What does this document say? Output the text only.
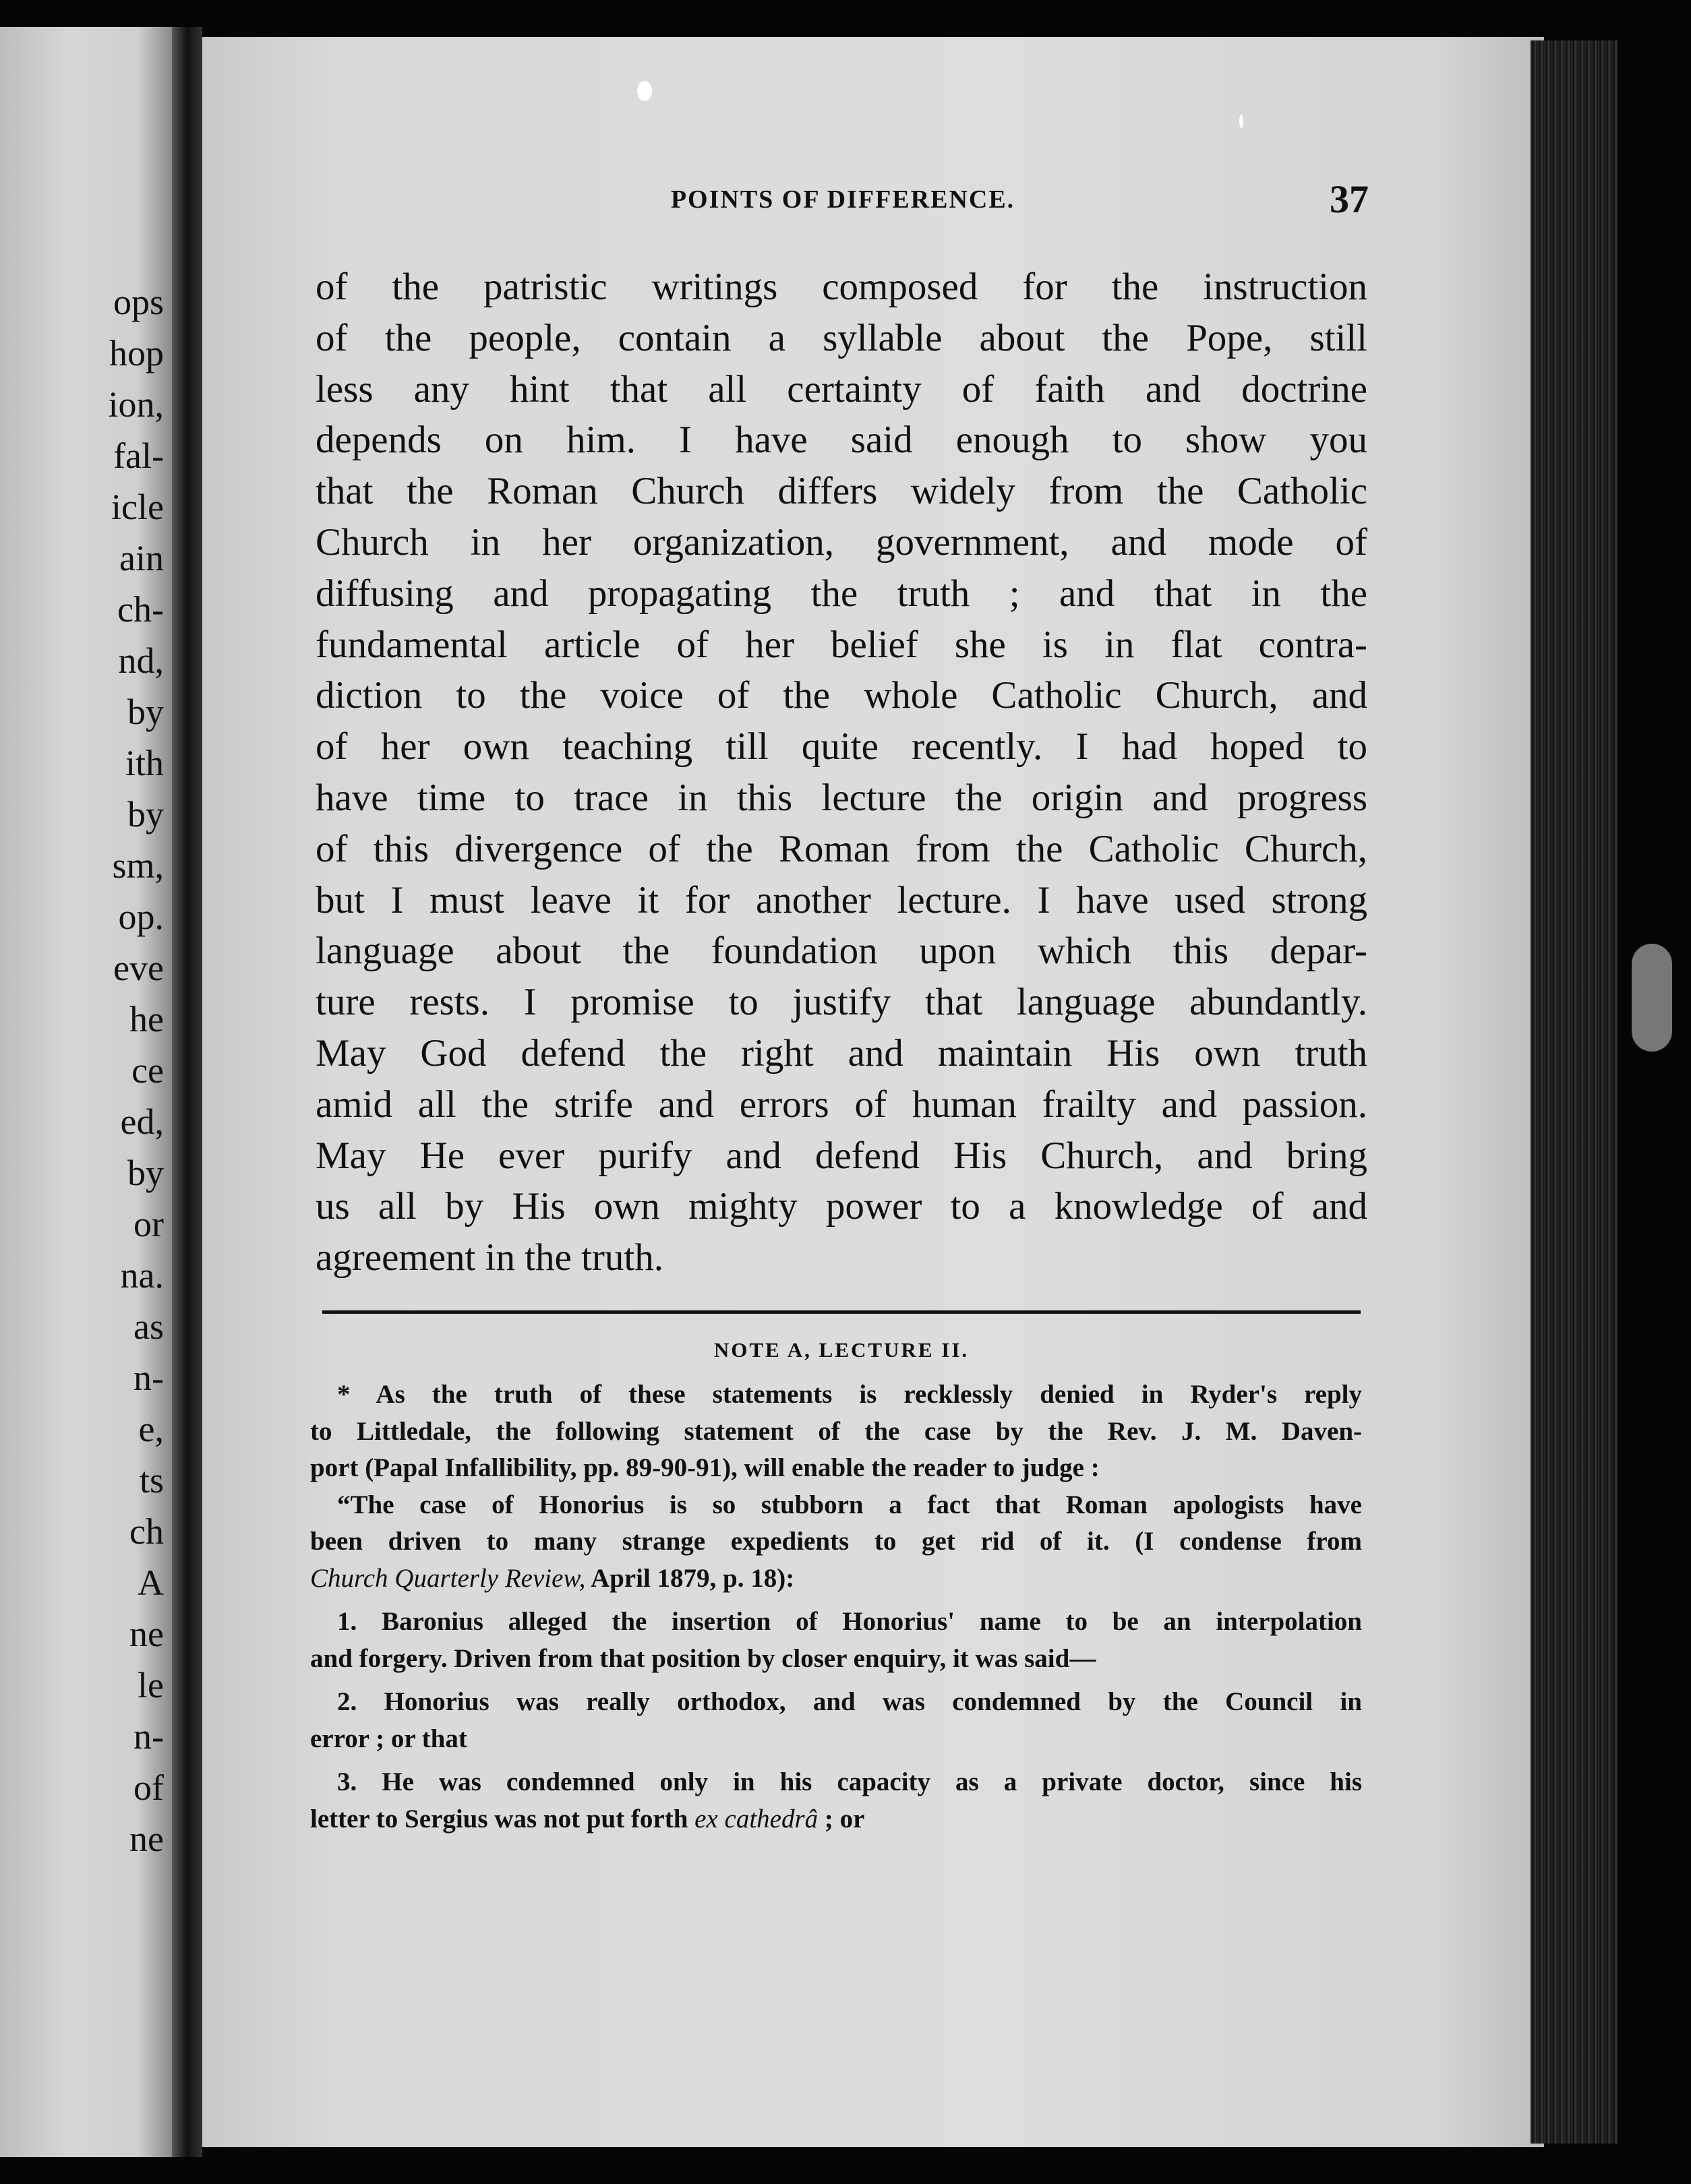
ops
hop
ion,
fal-
icle
ain
ch-
nd,
by
ith
by
sm,
op.
eve
he
ce
ed,
by
or
na.
as
n-
e,
ts
ch
A
ne
le
n-
of
ne
POINTS OF DIFFERENCE.	37
of the patristic writings composed for the instruction
of the people, contain a syllable about the Pope, still
less any hint that all certainty of faith and doctrine
depends on him. I have said enough to show you
that the Roman Church differs widely from the Catholic
Church in her organization, government, and mode of
diffusing and propagating the truth ; and that in the
fundamental article of her belief she is in flat contra-
diction to the voice of the whole Catholic Church, and
of her own teaching till quite recently. I had hoped to
have time to trace in this lecture the origin and progress
of this divergence of the Roman from the Catholic Church,
but I must leave it for another lecture. I have used strong
language about the foundation upon which this depar-
ture rests. I promise to justify that language abundantly.
May God defend the right and maintain His own truth
amid all the strife and errors of human frailty and passion.
May He ever purify and defend His Church, and bring
us all by His own mighty power to a knowledge of and
agreement in the truth.
NOTE A, LECTURE II.
* As the truth of these statements is recklessly denied in Ryder's reply
to Littledale, the following statement of the case by the Rev. J. M. Daven-
port (Papal Infallibility, pp. 89-90-91), will enable the reader to judge :
“The case of Honorius is so stubborn a fact that Roman apologists have
been driven to many strange expedients to get rid of it. (I condense from
Church Quarterly Review, April 1879, p. 18):
1. Baronius alleged the insertion of Honorius' name to be an interpolation
and forgery. Driven from that position by closer enquiry, it was said—
2. Honorius was really orthodox, and was condemned by the Council in
error ; or that
3. He was condemned only in his capacity as a private doctor, since his
letter to Sergius was not put forth ex cathedrâ ; or
